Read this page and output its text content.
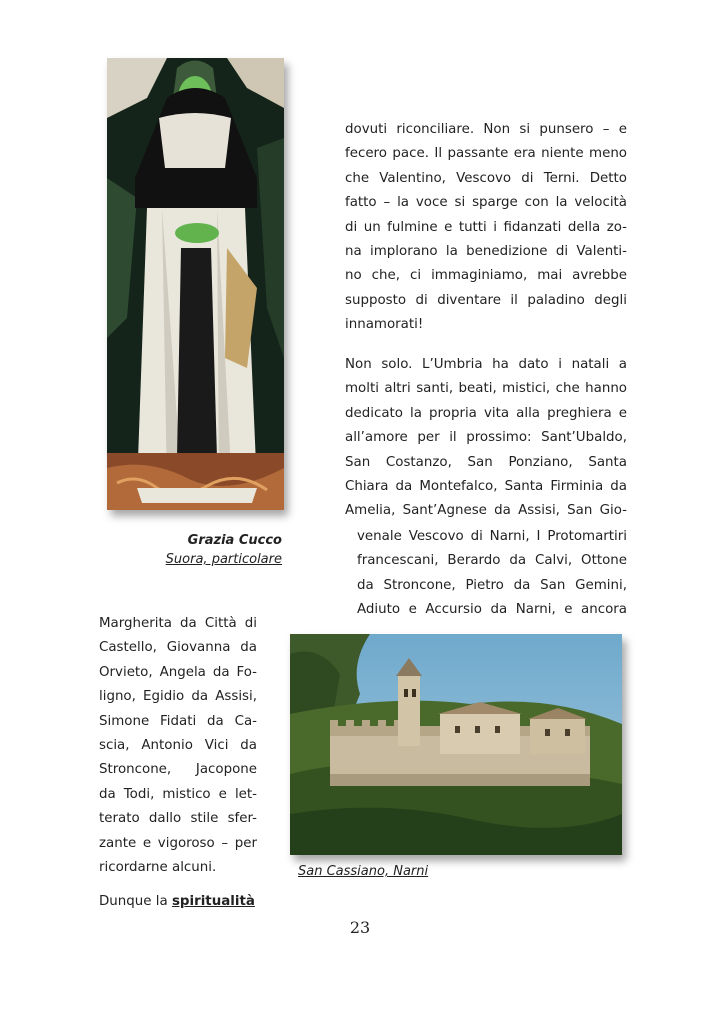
Grazia Cucco
Suora, particolare
dovuti riconciliare. Non si punsero – e
fecero pace. Il passante era niente meno
che Valentino, Vescovo di Terni. Detto
fatto – la voce si sparge con la velocità
di un fulmine e tutti i fidanzati della zo-
na implorano la benedizione di Valenti-
no che, ci immaginiamo, mai avrebbe
supposto di diventare il paladino degli
innamorati!
Non solo. L’Umbria ha dato i natali a
molti altri santi, beati, mistici, che hanno
dedicato la propria vita alla preghiera e
all’amore per il prossimo: Sant’Ubaldo,
San Costanzo, San Ponziano, Santa
Chiara da Montefalco, Santa Firminia da
Amelia, Sant’Agnese da Assisi, San Gio-
venale Vescovo di Narni, I Protomartiri
francescani, Berardo da Calvi, Ottone
da Stroncone, Pietro da San Gemini,
Adiuto e Accursio da Narni, e ancora
San Cassiano, Narni
Margherita da Città di
Castello, Giovanna da
Orvieto, Angela da Fo-
ligno, Egidio da Assisi,
Simone Fidati da Ca-
scia, Antonio Vici da
Stroncone, Jacopone
da Todi, mistico e let-
terato dallo stile sfer-
zante e vigoroso – per
ricordarne alcuni.
Dunque la spiritualità
23
